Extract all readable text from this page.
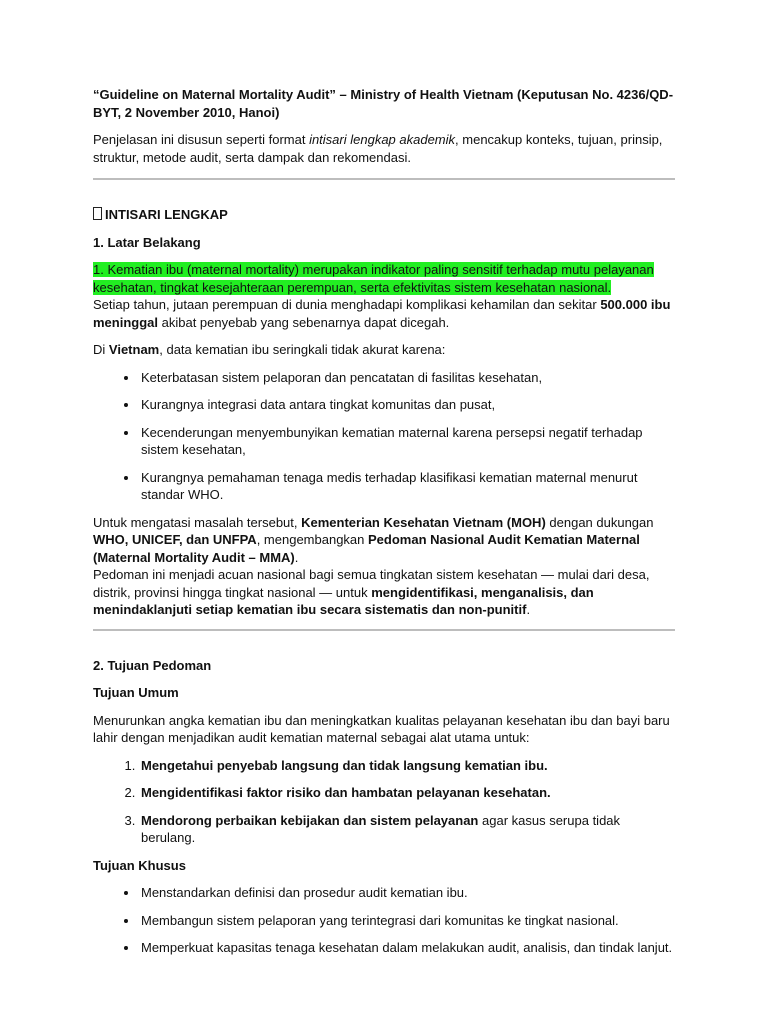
“Guideline on Maternal Mortality Audit” – Ministry of Health Vietnam (Keputusan No. 4236/QD-BYT, 2 November 2010, Hanoi)

Penjelasan ini disusun seperti format intisari lengkap akademik, mencakup konteks, tujuan, prinsip, struktur, metode audit, serta dampak dan rekomendasi.

INTISARI LENGKAP

1. Latar Belakang

1. Kematian ibu (maternal mortality) merupakan indikator paling sensitif terhadap mutu pelayanan kesehatan, tingkat kesejahteraan perempuan, serta efektivitas sistem kesehatan nasional.

Setiap tahun, jutaan perempuan di dunia menghadapi komplikasi kehamilan dan sekitar 500.000 ibu meninggal akibat penyebab yang sebenarnya dapat dicegah.

Di Vietnam, data kematian ibu seringkali tidak akurat karena:

• Keterbatasan sistem pelaporan dan pencatatan di fasilitas kesehatan,
• Kurangnya integrasi data antara tingkat komunitas dan pusat,
• Kecenderungan menyembunyikan kematian maternal karena persepsi negatif terhadap sistem kesehatan,
• Kurangnya pemahaman tenaga medis terhadap klasifikasi kematian maternal menurut standar WHO.

Untuk mengatasi masalah tersebut, Kementerian Kesehatan Vietnam (MOH) dengan dukungan WHO, UNICEF, dan UNFPA, mengembangkan Pedoman Nasional Audit Kematian Maternal (Maternal Mortality Audit – MMA).

Pedoman ini menjadi acuan nasional bagi semua tingkatan sistem kesehatan — mulai dari desa, distrik, provinsi hingga tingkat nasional — untuk mengidentifikasi, menganalisis, dan menindaklanjuti setiap kematian ibu secara sistematis dan non-punitif.

2. Tujuan Pedoman

Tujuan Umum

Menurunkan angka kematian ibu dan meningkatkan kualitas pelayanan kesehatan ibu dan bayi baru lahir dengan menjadikan audit kematian maternal sebagai alat utama untuk:

1. Mengetahui penyebab langsung dan tidak langsung kematian ibu.
2. Mengidentifikasi faktor risiko dan hambatan pelayanan kesehatan.
3. Mendorong perbaikan kebijakan dan sistem pelayanan agar kasus serupa tidak berulang.

Tujuan Khusus

• Menstandarkan definisi dan prosedur audit kematian ibu.
• Membangun sistem pelaporan yang terintegrasi dari komunitas ke tingkat nasional.
• Memperkuat kapasitas tenaga kesehatan dalam melakukan audit, analisis, dan tindak lanjut.
